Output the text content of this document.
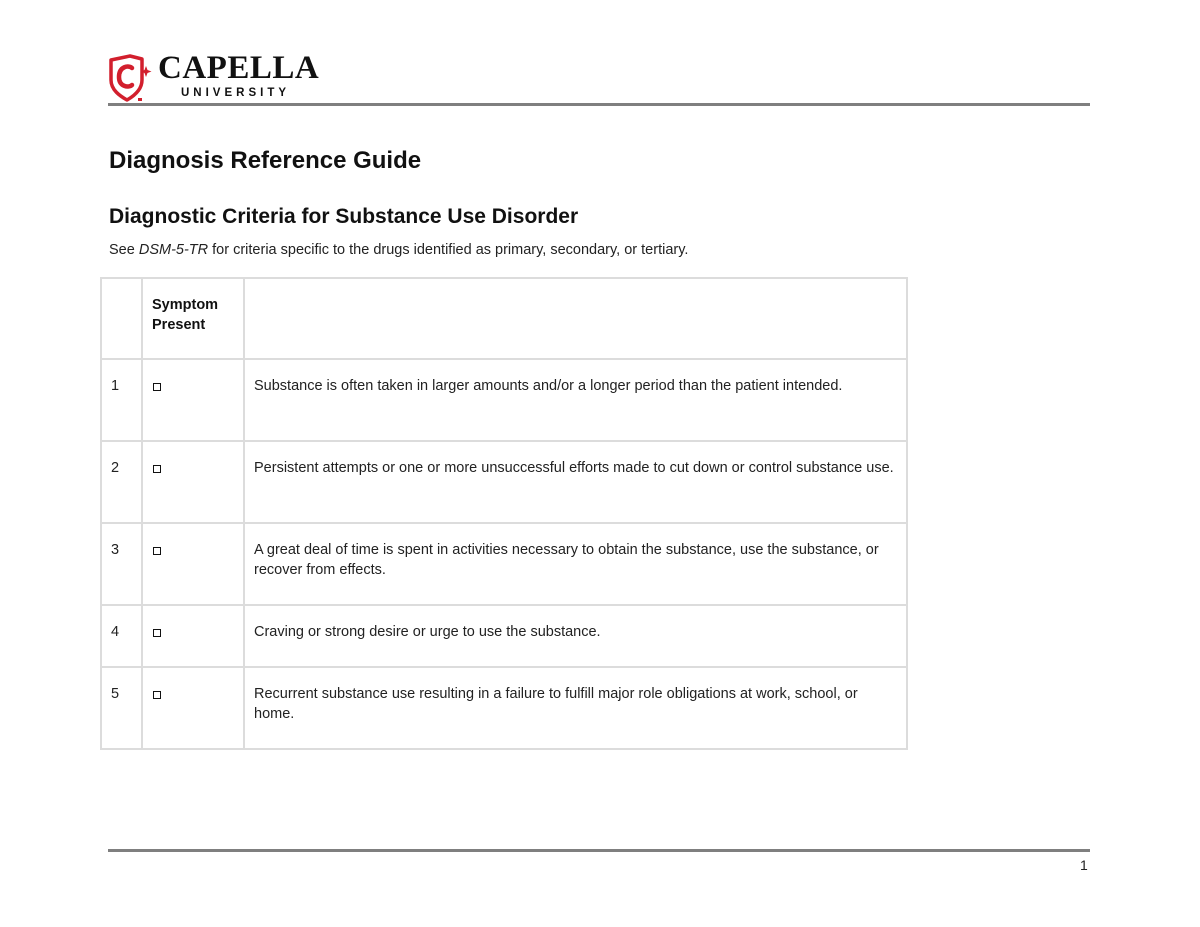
CAPELLA
UNIVERSITY
Diagnosis Reference Guide
Diagnostic Criteria for Substance Use Disorder

See DSM-5-TR for criteria specific to the drugs identified as primary, secondary, or tertiary.

	Symptom
Present	
1		Substance is often taken in larger amounts and/or a longer period than the patient intended.
2		Persistent attempts or one or more unsuccessful efforts made to cut down or control substance use.
3		A great deal of time is spent in activities necessary to obtain the substance, use the substance, or recover from effects.
4		Craving or strong desire or urge to use the substance.
5		Recurrent substance use resulting in a failure to fulfill major role obligations at work, school, or home.
1
